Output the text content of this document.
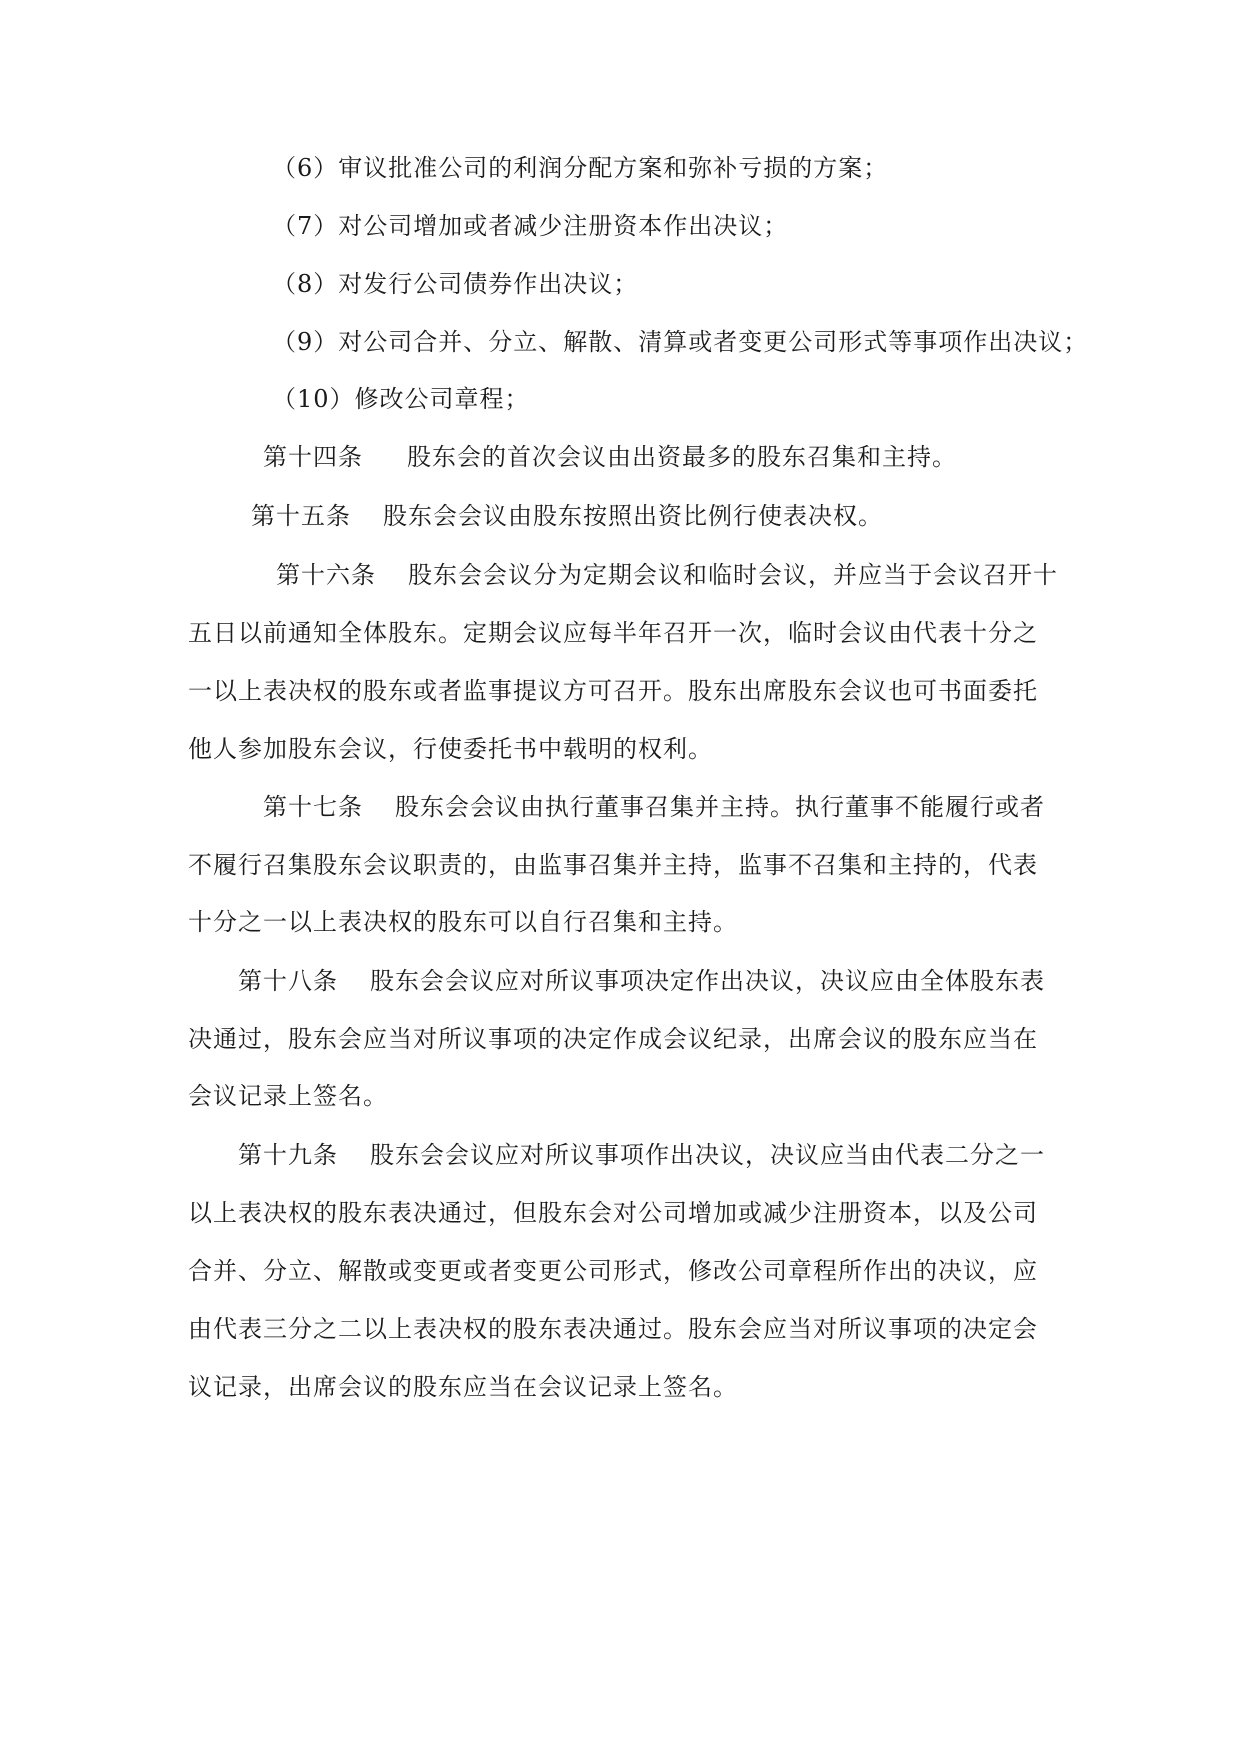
（6）审议批准公司的利润分配方案和弥补亏损的方案；
（7）对公司增加或者减少注册资本作出决议；
（8）对发行公司债券作出决议；
（9）对公司合并、分立、解散、清算或者变更公司形式等事项作出决议；
（10）修改公司章程；
第十四条 股东会的首次会议由出资最多的股东召集和主持。
第十五条 股东会会议由股东按照出资比例行使表决权。
第十六条 股东会会议分为定期会议和临时会议，并应当于会议召开十
五日以前通知全体股东。定期会议应每半年召开一次，临时会议由代表十分之
一以上表决权的股东或者监事提议方可召开。股东出席股东会议也可书面委托
他人参加股东会议，行使委托书中载明的权利。
第十七条 股东会会议由执行董事召集并主持。执行董事不能履行或者
不履行召集股东会议职责的，由监事召集并主持，监事不召集和主持的，代表
十分之一以上表决权的股东可以自行召集和主持。
第十八条 股东会会议应对所议事项决定作出决议，决议应由全体股东表
决通过，股东会应当对所议事项的决定作成会议纪录，出席会议的股东应当在
会议记录上签名。
第十九条 股东会会议应对所议事项作出决议，决议应当由代表二分之一
以上表决权的股东表决通过，但股东会对公司增加或减少注册资本，以及公司
合并、分立、解散或变更或者变更公司形式，修改公司章程所作出的决议，应
由代表三分之二以上表决权的股东表决通过。股东会应当对所议事项的决定会
议记录，出席会议的股东应当在会议记录上签名。
